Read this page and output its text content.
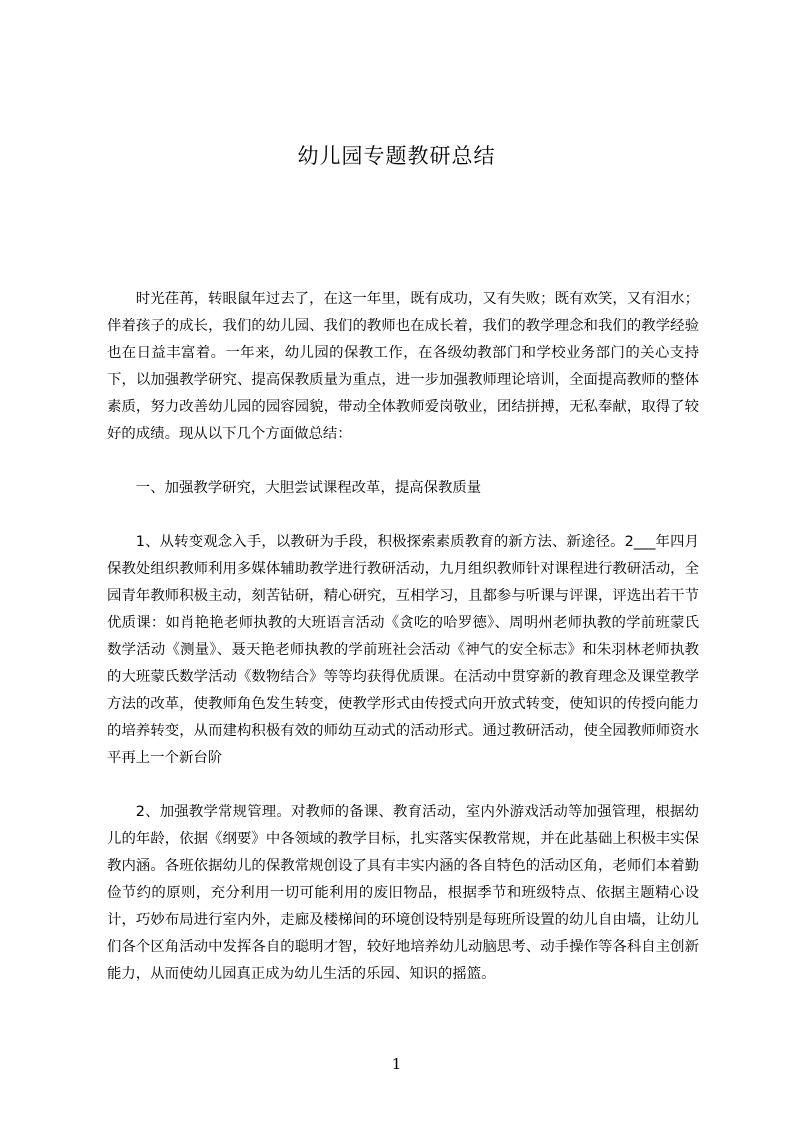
幼儿园专题教研总结

时光荏苒，转眼鼠年过去了，在这一年里，既有成功，又有失败；既有欢笑，又有泪水；伴着孩子的成长，我们的幼儿园、我们的教师也在成长着，我们的教学理念和我们的教学经验也在日益丰富着。一年来，幼儿园的保教工作，在各级幼教部门和学校业务部门的关心支持下，以加强教学研究、提高保教质量为重点，进一步加强教师理论培训，全面提高教师的整体素质，努力改善幼儿园的园容园貌，带动全体教师爱岗敬业，团结拼搏，无私奉献，取得了较好的成绩。现从以下几个方面做总结：

一、加强教学研究，大胆尝试课程改革，提高保教质量

1、从转变观念入手，以教研为手段，积极探索素质教育的新方法、新途径。2___年四月保教处组织教师利用多媒体辅助教学进行教研活动，九月组织教师针对课程进行教研活动，全园青年教师积极主动，刻苦钻研，精心研究，互相学习，且都参与听课与评课，评选出若干节优质课：如肖艳艳老师执教的大班语言活动《贪吃的哈罗德》、周明州老师执教的学前班蒙氏数学活动《测量》、聂天艳老师执教的学前班社会活动《神气的安全标志》和朱羽林老师执教的大班蒙氏数学活动《数物结合》等等均获得优质课。在活动中贯穿新的教育理念及课堂教学方法的改革，使教师角色发生转变，使教学形式由传授式向开放式转变，使知识的传授向能力的培养转变，从而建构积极有效的师幼互动式的活动形式。通过教研活动，使全园教师师资水平再上一个新台阶

2、加强教学常规管理。对教师的备课、教育活动，室内外游戏活动等加强管理，根据幼儿的年龄，依据《纲要》中各领域的教学目标，扎实落实保教常规，并在此基础上积极丰实保教内涵。各班依据幼儿的保教常规创设了具有丰实内涵的各自特色的活动区角，老师们本着勤俭节约的原则，充分利用一切可能利用的废旧物品，根据季节和班级特点、依据主题精心设计，巧妙布局进行室内外，走廊及楼梯间的环境创设特别是每班所设置的幼儿自由墙，让幼儿们各个区角活动中发挥各自的聪明才智，较好地培养幼儿动脑思考、动手操作等各科自主创新能力，从而使幼儿园真正成为幼儿生活的乐园、知识的摇篮。

1
